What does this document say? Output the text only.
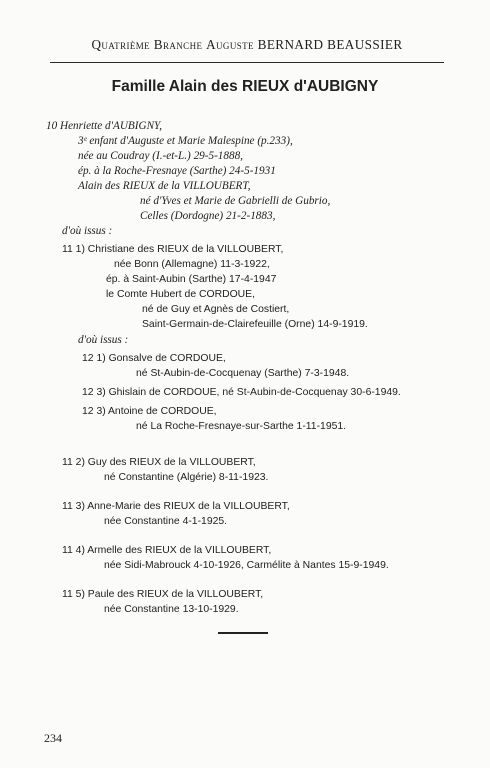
Quatrième Branche Auguste BERNARD BEAUSSIER
Famille Alain des RIEUX d'AUBIGNY
10 Henriette d'AUBIGNY,
3ᵉ enfant d'Auguste et Marie Malespine (p.233),
née au Coudray (I.-et-L.) 29-5-1888,
ép. à la Roche-Fresnaye (Sarthe) 24-5-1931
Alain des RIEUX de la VILLOUBERT,
né d'Yves et Marie de Gabrielli de Gubrio,
Celles (Dordogne) 21-2-1883,
d'où issus :
11 1) Christiane des RIEUX de la VILLOUBERT,
née Bonn (Allemagne) 11-3-1922,
ép. à Saint-Aubin (Sarthe) 17-4-1947
le Comte Hubert de CORDOUE,
né de Guy et Agnès de Costiert,
Saint-Germain-de-Clairefeuille (Orne) 14-9-1919.
d'où issus :
12 1) Gonsalve de CORDOUE,
né St-Aubin-de-Cocquenay (Sarthe) 7-3-1948.
12 3) Ghislain de CORDOUE, né St-Aubin-de-Cocquenay 30-6-1949.
12 3) Antoine de CORDOUE,
né La Roche-Fresnaye-sur-Sarthe 1-11-1951.
11 2) Guy des RIEUX de la VILLOUBERT,
né Constantine (Algérie) 8-11-1923.
11 3) Anne-Marie des RIEUX de la VILLOUBERT,
née Constantine 4-1-1925.
11 4) Armelle des RIEUX de la VILLOUBERT,
née Sidi-Mabrouck 4-10-1926, Carmélite à Nantes 15-9-1949.
11 5) Paule des RIEUX de la VILLOUBERT,
née Constantine 13-10-1929.
234
